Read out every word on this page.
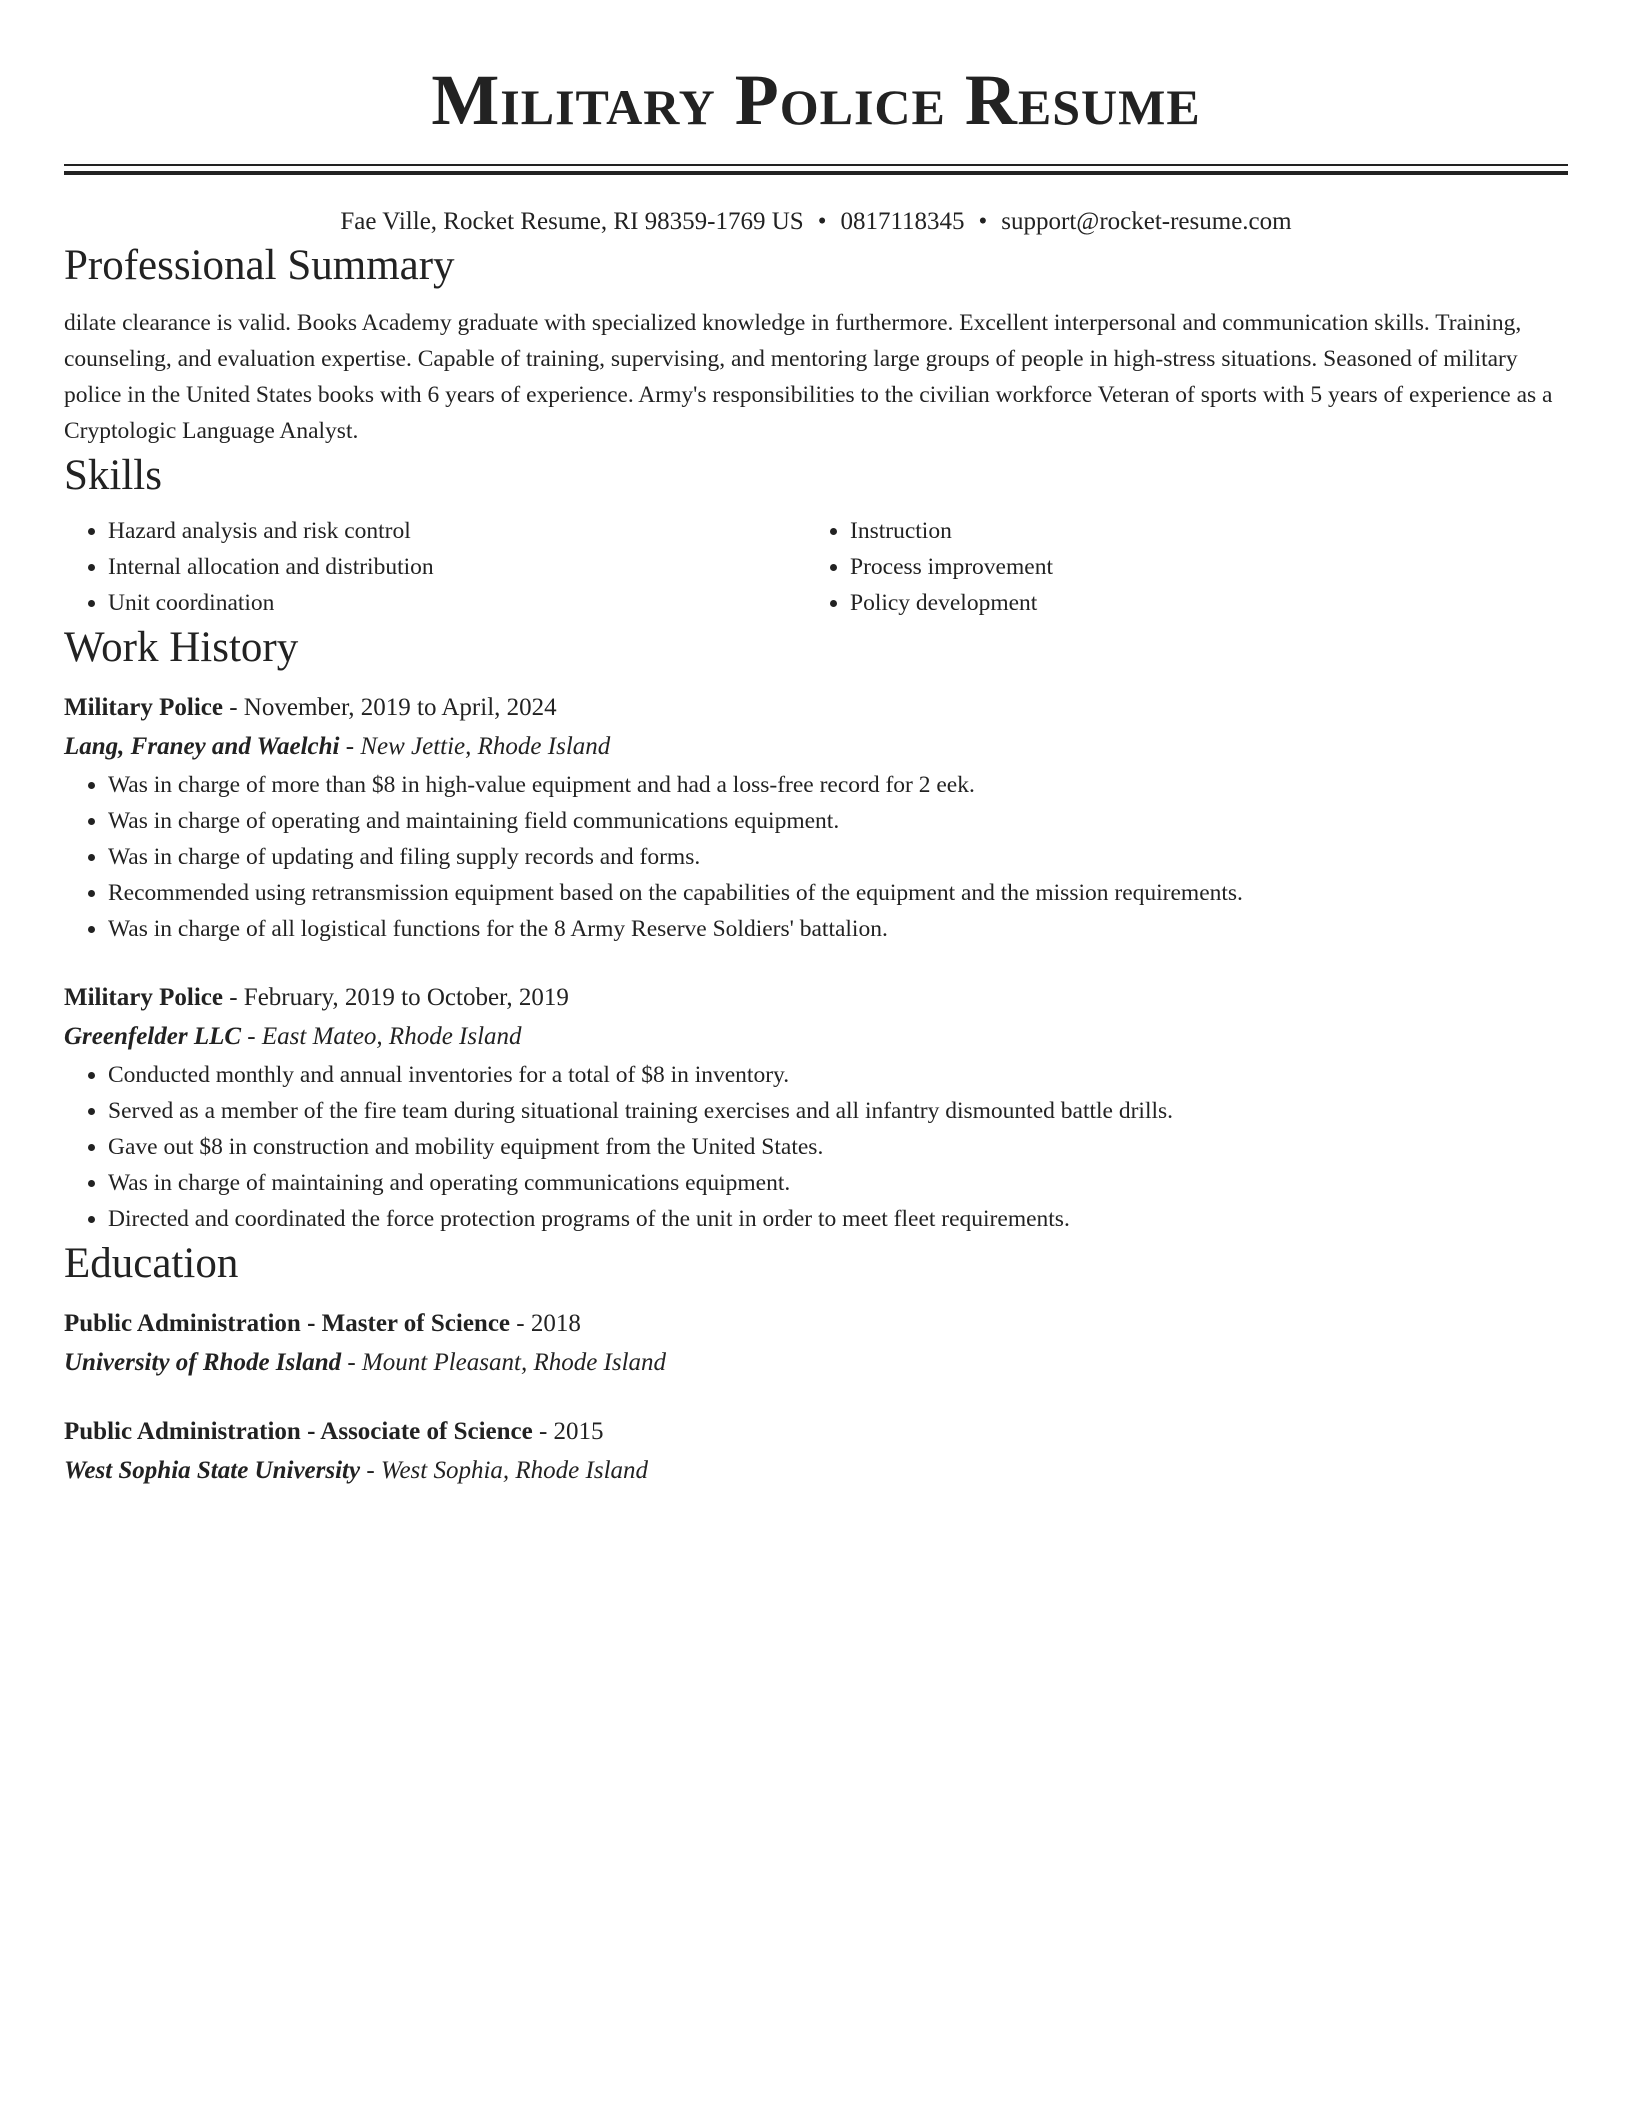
Military Police Resume
Fae Ville, Rocket Resume, RI 98359-1769 US • 0817118345 • support@rocket-resume.com
Professional Summary
dilate clearance is valid. Books Academy graduate with specialized knowledge in furthermore. Excellent interpersonal and communication skills. Training, counseling, and evaluation expertise. Capable of training, supervising, and mentoring large groups of people in high-stress situations. Seasoned of military police in the United States books with 6 years of experience. Army's responsibilities to the civilian workforce Veteran of sports with 5 years of experience as a Cryptologic Language Analyst.
Skills
• Hazard analysis and risk control
• Internal allocation and distribution
• Unit coordination
• Instruction
• Process improvement
• Policy development
Work History
Military Police - November, 2019 to April, 2024
Lang, Franey and Waelchi - New Jettie, Rhode Island
• Was in charge of more than $8 in high-value equipment and had a loss-free record for 2 eek.
• Was in charge of operating and maintaining field communications equipment.
• Was in charge of updating and filing supply records and forms.
• Recommended using retransmission equipment based on the capabilities of the equipment and the mission requirements.
• Was in charge of all logistical functions for the 8 Army Reserve Soldiers' battalion.
Military Police - February, 2019 to October, 2019
Greenfelder LLC - East Mateo, Rhode Island
• Conducted monthly and annual inventories for a total of $8 in inventory.
• Served as a member of the fire team during situational training exercises and all infantry dismounted battle drills.
• Gave out $8 in construction and mobility equipment from the United States.
• Was in charge of maintaining and operating communications equipment.
• Directed and coordinated the force protection programs of the unit in order to meet fleet requirements.
Education
Public Administration - Master of Science - 2018
University of Rhode Island - Mount Pleasant, Rhode Island
Public Administration - Associate of Science - 2015
West Sophia State University - West Sophia, Rhode Island
